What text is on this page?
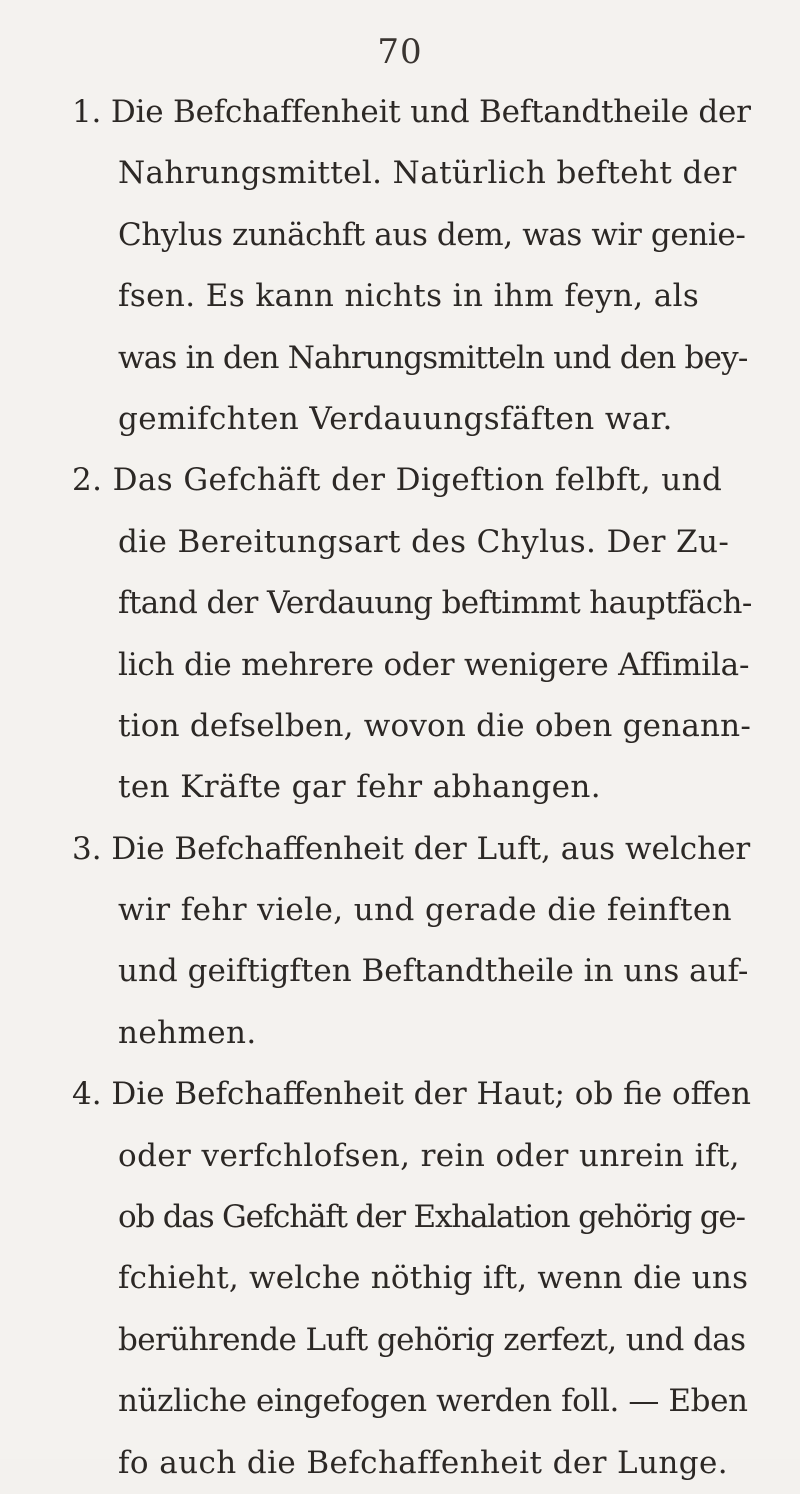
70
1. Die Befchaffenheit und Beftandtheile der
Nahrungsmittel. Natürlich befteht der
Chylus zunächft aus dem, was wir genie-
fsen. Es kann nichts in ihm feyn, als
was in den Nahrungsmitteln und den bey-
gemifchten Verdauungsfäften war.
2. Das Gefchäft der Digeftion felbft, und
die Bereitungsart des Chylus. Der Zu-
ftand der Verdauung beftimmt hauptfäch-
lich die mehrere oder wenigere Affimila-
tion defselben, wovon die oben genann-
ten Kräfte gar fehr abhangen.
3. Die Befchaffenheit der Luft, aus welcher
wir fehr viele, und gerade die feinften
und geiftigften Beftandtheile in uns auf-
nehmen.
4. Die Befchaffenheit der Haut; ob fie offen
oder verfchlofsen, rein oder unrein ift,
ob das Gefchäft der Exhalation gehörig ge-
fchieht, welche nöthig ift, wenn die uns
berührende Luft gehörig zerfezt, und das
nüzliche eingefogen werden foll. — Eben
fo auch die Befchaffenheit der Lunge.
